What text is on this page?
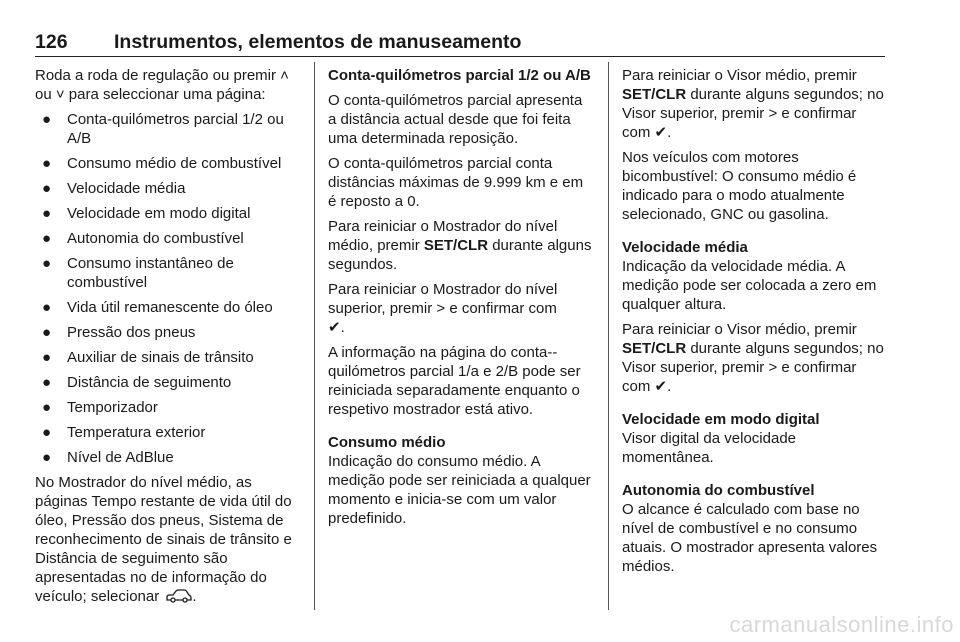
126 Instrumentos, elementos de manuseamento

Roda a roda de regulação ou premir ˄ ou ˅ para seleccionar uma página:

● Conta-quilómetros parcial 1/2 ou A/B
● Consumo médio de combustível
● Velocidade média
● Velocidade em modo digital
● Autonomia do combustível
● Consumo instantâneo de combustível
● Vida útil remanescente do óleo
● Pressão dos pneus
● Auxiliar de sinais de trânsito
● Distância de seguimento
● Temporizador
● Temperatura exterior
● Nível de AdBlue

No Mostrador do nível médio, as páginas Tempo restante de vida útil do óleo, Pressão dos pneus, Sistema de reconhecimento de sinais de trânsito e Distância de seguimento são apresentadas no de informação do veículo; selecionar .

Conta-quilómetros parcial 1/2 ou A/B

O conta-quilómetros parcial apresenta a distância actual desde que foi feita uma determinada reposição.

O conta-quilómetros parcial conta distâncias máximas de 9.999 km e em é reposto a 0.

Para reiniciar o Mostrador do nível médio, premir SET/CLR durante alguns segundos.

Para reiniciar o Mostrador do nível superior, premir > e confirmar com
✔.

A informação na página do conta--quilómetros parcial 1/a e 2/B pode ser reiniciada separadamente enquanto o respetivo mostrador está ativo.

Consumo médio

Indicação do consumo médio. A medição pode ser reiniciada a qualquer momento e inicia-se com um valor predefinido.

Para reiniciar o Visor médio, premir SET/CLR durante alguns segundos; no Visor superior, premir > e confirmar com ✔.

Nos veículos com motores bicombustível: O consumo médio é indicado para o modo atualmente selecionado, GNC ou gasolina.

Velocidade média

Indicação da velocidade média. A medição pode ser colocada a zero em qualquer altura.

Para reiniciar o Visor médio, premir SET/CLR durante alguns segundos; no Visor superior, premir > e confirmar com ✔.

Velocidade em modo digital

Visor digital da velocidade momentânea.

Autonomia do combustível

O alcance é calculado com base no nível de combustível e no consumo atuais. O mostrador apresenta valores médios.

carmanualsonline.info
